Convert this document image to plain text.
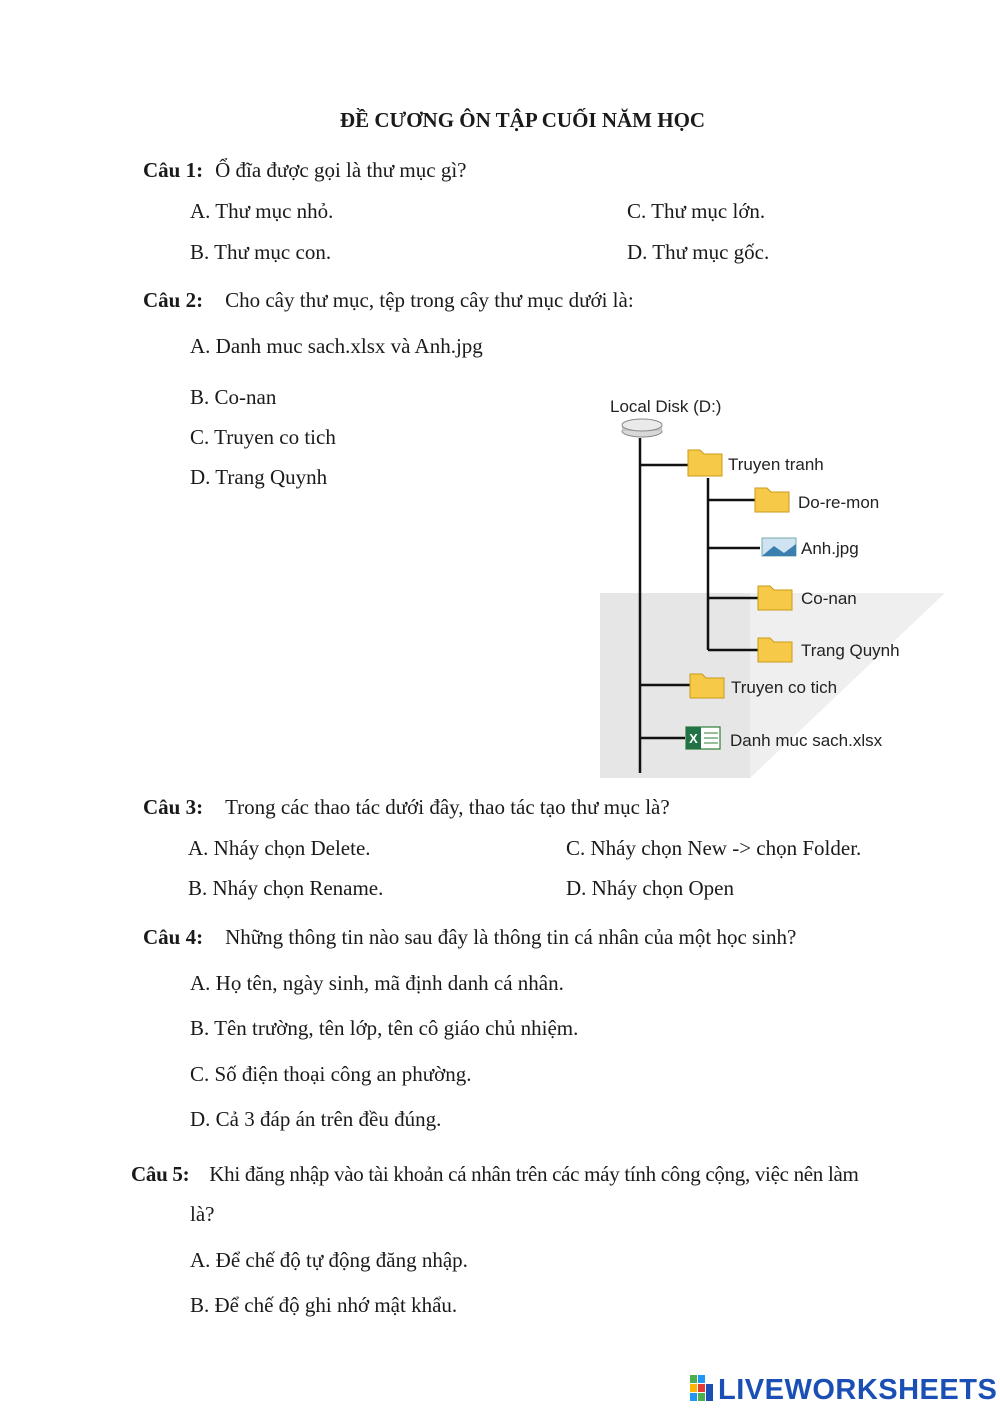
ĐỀ CƯƠNG ÔN TẬP CUỐI NĂM HỌC
Câu 1: Ổ đĩa được gọi là thư mục gì?
A. Thư mục nhỏ.	C. Thư mục lớn.
B. Thư mục con.	D. Thư mục gốc.
Câu 2: Cho cây thư mục, tệp trong cây thư mục dưới là:
A. Danh muc sach.xlsx và Anh.jpg
B. Co-nan
C. Truyen co tich
D. Trang Quynh
X
Local Disk (D:)
Truyen tranh
Do-re-mon
Anh.jpg
Co-nan
Trang Quynh
Truyen co tich
Danh muc sach.xlsx
Câu 3: Trong các thao tác dưới đây, thao tác tạo thư mục là?
A. Nháy chọn Delete.	C. Nháy chọn New -> chọn Folder.
B. Nháy chọn Rename.	D. Nháy chọn Open
Câu 4: Những thông tin nào sau đây là thông tin cá nhân của một học sinh?
A. Họ tên, ngày sinh, mã định danh cá nhân.
B. Tên trường, tên lớp, tên cô giáo chủ nhiệm.
C. Số điện thoại công an phường.
D. Cả 3 đáp án trên đều đúng.
Câu 5: Khi đăng nhập vào tài khoản cá nhân trên các máy tính công cộng, việc nên làm
là?
A. Để chế độ tự động đăng nhập.
B. Để chế độ ghi nhớ mật khẩu.
LIVEWORKSHEETS
